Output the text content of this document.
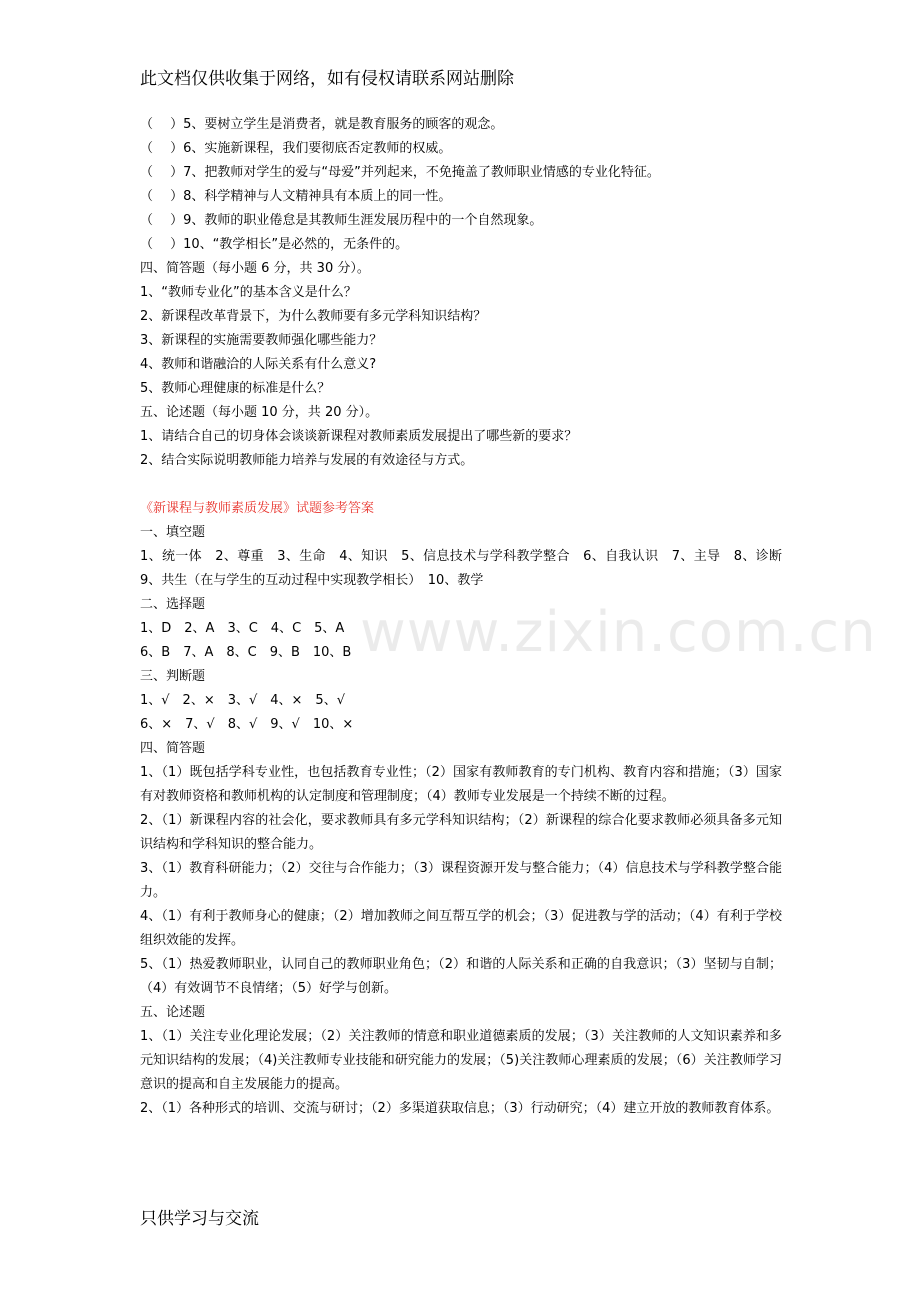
此文档仅供收集于网络，如有侵权请联系网站删除
（　 ）5、要树立学生是消费者，就是教育服务的顾客的观念。
（　 ）6、实施新课程，我们要彻底否定教师的权威。
（　 ）7、把教师对学生的爱与“母爱”并列起来，不免掩盖了教师职业情感的专业化特征。
（　 ）8、科学精神与人文精神具有本质上的同一性。
（　 ）9、教师的职业倦怠是其教师生涯发展历程中的一个自然现象。
（　 ）10、“教学相长”是必然的，无条件的。
四、简答题（每小题 6 分，共 30 分）。
1、“教师专业化”的基本含义是什么？
2、新课程改革背景下，为什么教师要有多元学科知识结构？
3、新课程的实施需要教师强化哪些能力？
4、教师和谐融洽的人际关系有什么意义?
5、教师心理健康的标准是什么？
五、论述题（每小题 10 分，共 20 分）。
1、请结合自己的切身体会谈谈新课程对教师素质发展提出了哪些新的要求？
2、结合实际说明教师能力培养与发展的有效途径与方式。
《新课程与教师素质发展》试题参考答案
一、填空题
1、统一体　2、尊重　3、生命　4、知识　5、信息技术与学科教学整合　6、自我认识　7、主导　8、诊断　9、共生（在与学生的互动过程中实现教学相长）　10、教学
二、选择题
1、D　2、A　3、C　4、C　5、A
6、B　7、A　8、C　9、B　10、B
三、判断题
1、√　2、×　3、√　4、×　5、√
6、×　7、√　8、√　9、√　10、×
四、简答题
1、（1）既包括学科专业性，也包括教育专业性；（2）国家有教师教育的专门机构、教育内容和措施；（3）国家有对教师资格和教师机构的认定制度和管理制度；（4）教师专业发展是一个持续不断的过程。
2、（1）新课程内容的社会化，要求教师具有多元学科知识结构；（2）新课程的综合化要求教师必须具备多元知识结构和学科知识的整合能力。
3、（1）教育科研能力；（2）交往与合作能力；（3）课程资源开发与整合能力；（4）信息技术与学科教学整合能力。
4、（1）有利于教师身心的健康；（2）增加教师之间互帮互学的机会；（3）促进教与学的活动；（4）有利于学校组织效能的发挥。
5、（1）热爱教师职业，认同自己的教师职业角色；（2）和谐的人际关系和正确的自我意识；（3）坚韧与自制；（4）有效调节不良情绪；（5）好学与创新。
五、论述题
1、（1）关注专业化理论发展；（2）关注教师的情意和职业道德素质的发展；（3）关注教师的人文知识素养和多元知识结构的发展；（4)关注教师专业技能和研究能力的发展；（5)关注教师心理素质的发展；（6）关注教师学习意识的提高和自主发展能力的提高。
2、（1）各种形式的培训、交流与研讨；（2）多渠道获取信息；（3）行动研究；（4）建立开放的教师教育体系。
www.zixin.com.cn
只供学习与交流
